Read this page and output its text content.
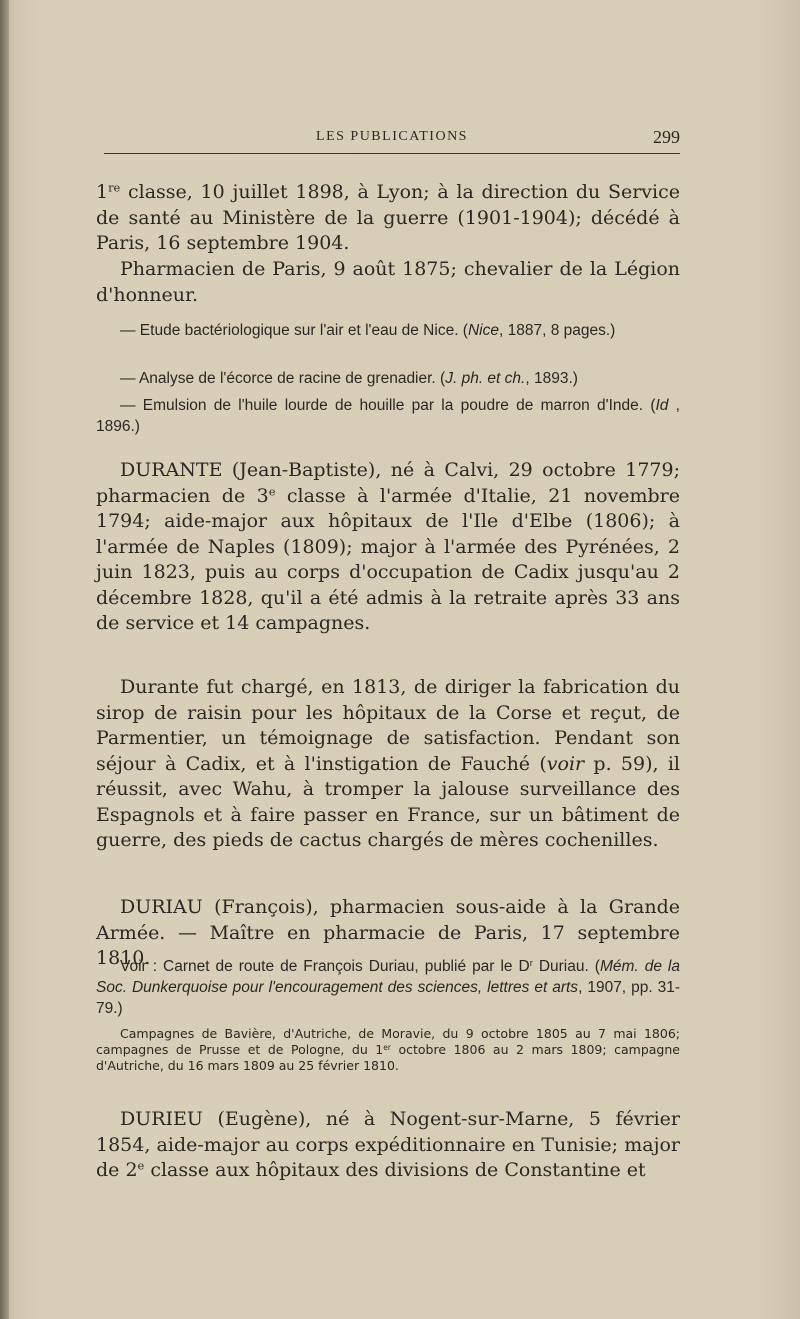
LES PUBLICATIONS	299

1re classe, 10 juillet 1898, à Lyon; à la direction du Service de santé au Ministère de la guerre (1901-1904); décédé à Paris, 16 septembre 1904.

Pharmacien de Paris, 9 août 1875; chevalier de la Légion d'honneur.

— Etude bactériologique sur l'air et l'eau de Nice. (Nice, 1887, 8 pages.)

— Analyse de l'écorce de racine de grenadier. (J. ph. et ch., 1893.)

— Emulsion de l'huile lourde de houille par la poudre de marron d'Inde. (Id , 1896.)

DURANTE (Jean-Baptiste), né à Calvi, 29 octobre 1779; pharmacien de 3e classe à l'armée d'Italie, 21 novembre 1794; aide-major aux hôpitaux de l'Ile d'Elbe (1806); à l'armée de Naples (1809); major à l'armée des Pyrénées, 2 juin 1823, puis au corps d'occupation de Cadix jusqu'au 2 décembre 1828, qu'il a été admis à la retraite après 33 ans de service et 14 campagnes.

Durante fut chargé, en 1813, de diriger la fabrication du sirop de raisin pour les hôpitaux de la Corse et reçut, de Parmentier, un témoignage de satisfaction. Pendant son séjour à Cadix, et à l'instigation de Fauché (voir p. 59), il réussit, avec Wahu, à tromper la jalouse surveillance des Espagnols et à faire passer en France, sur un bâtiment de guerre, des pieds de cactus chargés de mères cochenilles.

DURIAU (François), pharmacien sous-aide à la Grande Armée. — Maître en pharmacie de Paris, 17 septembre 1810.

Voir : Carnet de route de François Duriau, publié par le $D^r$ Duriau. (Mém. de la Soc. Dunkerquoise pour l'encouragement des sciences, lettres et arts, 1907, pp. 31-79.)

Campagnes de Bavière, d'Autriche, de Moravie, du 9 octobre 1805 au 7 mai 1806; campagnes de Prusse et de Pologne, du 1er octobre 1806 au 2 mars 1809; campagne d'Autriche, du 16 mars 1809 au 25 février 1810.

DURIEU (Eugène), né à Nogent-sur-Marne, 5 février 1854, aide-major au corps expéditionnaire en Tunisie; major de 2e classe aux hôpitaux des divisions de Constantine et
